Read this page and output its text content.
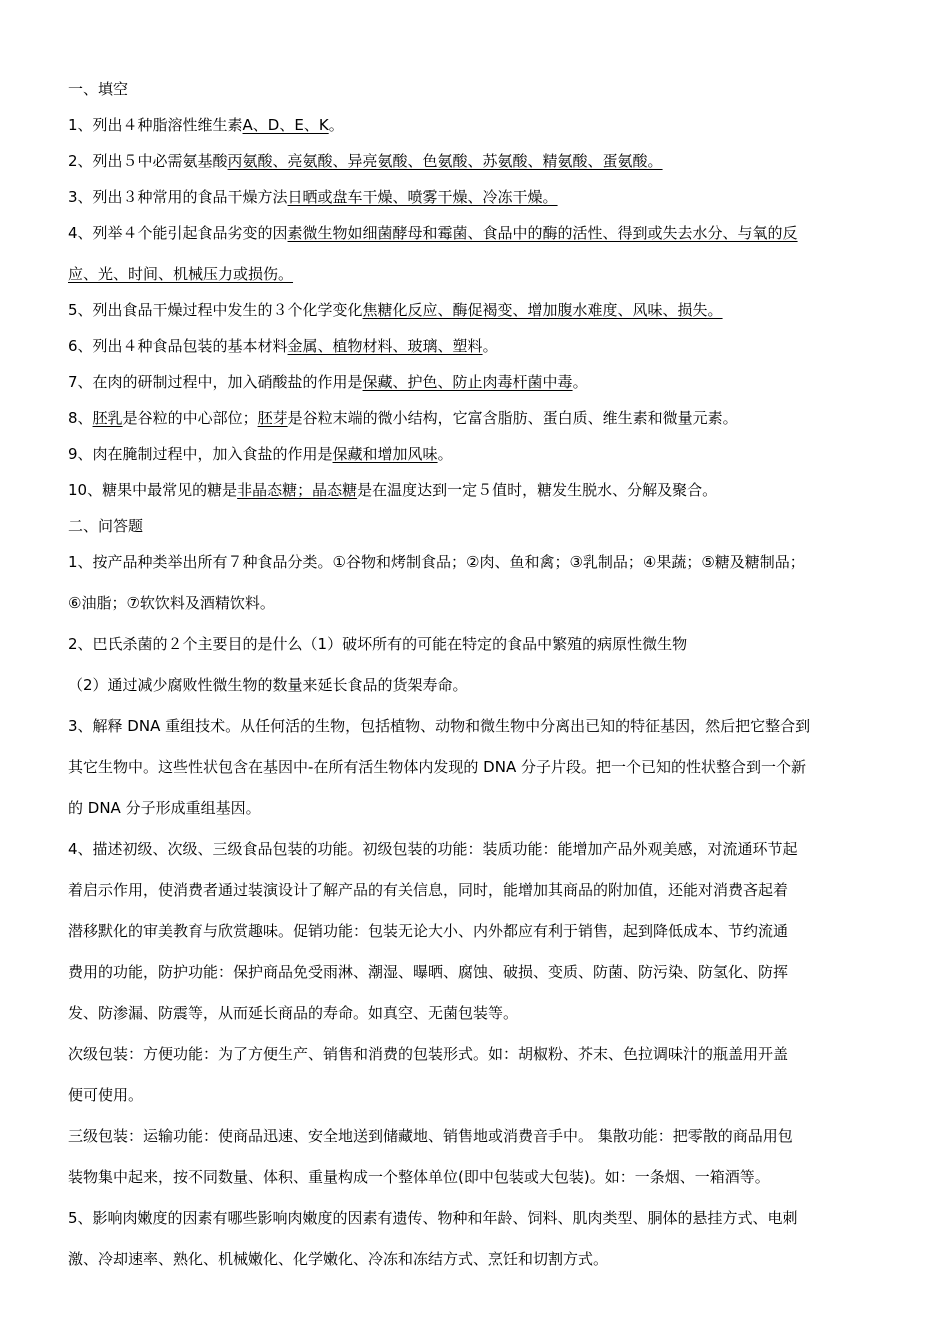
一、填空
1、列出４种脂溶性维生素A、D、E、K。
2、列出５中必需氨基酸丙氨酸、亮氨酸、异亮氨酸、色氨酸、苏氨酸、精氨酸、蛋氨酸。
3、列出３种常用的食品干燥方法日晒或盘车干燥、喷雾干燥、冷冻干燥。
4、列举４个能引起食品劣变的因素微生物如细菌酵母和霉菌、食品中的酶的活性、得到或失去水分、与氧的反
应、光、时间、机械压力或损伤。
5、列出食品干燥过程中发生的３个化学变化焦糖化反应、酶促褐变、增加腹水难度、风味、损失。
6、列出４种食品包装的基本材料金属、植物材料、玻璃、塑料。
7、在肉的研制过程中，加入硝酸盐的作用是保藏、护色、防止肉毒杆菌中毒。
8、胚乳是谷粒的中心部位；胚芽是谷粒末端的微小结构，它富含脂肪、蛋白质、维生素和微量元素。
9、肉在腌制过程中，加入食盐的作用是保藏和增加风味。
10、糖果中最常见的糖是非晶态糖；晶态糖是在温度达到一定５值时，糖发生脱水、分解及聚合。
二、问答题
1、按产品种类举出所有７种食品分类。①谷物和烤制食品；②肉、鱼和禽；③乳制品；④果蔬；⑤糖及糖制品；
⑥油脂；⑦软饮料及酒精饮料。
2、巴氏杀菌的２个主要目的是什么（1）破坏所有的可能在特定的食品中繁殖的病原性微生物
（2）通过减少腐败性微生物的数量来延长食品的货架寿命。
3、解释 DNA 重组技术。从任何活的生物，包括植物、动物和微生物中分离出已知的特征基因，然后把它整合到
其它生物中。这些性状包含在基因中-在所有活生物体内发现的 DNA 分子片段。把一个已知的性状整合到一个新
的 DNA 分子形成重组基因。
4、描述初级、次级、三级食品包装的功能。初级包装的功能：装质功能：能增加产品外观美感，对流通环节起
着启示作用，使消费者通过装演设计了解产品的有关信息，同时，能增加其商品的附加值，还能对消费吝起着
潜移默化的审美教育与欣赏趣味。促销功能：包装无论大小、内外都应有利于销售，起到降低成本、节约流通
费用的功能，防护功能：保护商品免受雨淋、潮湿、曝晒、腐蚀、破损、变质、防菌、防污染、防氢化、防挥
发、防渗漏、防震等，从而延长商品的寿命。如真空、无菌包装等。
次级包装：方便功能：为了方便生产、销售和消费的包装形式。如：胡椒粉、芥末、色拉调味汁的瓶盖用开盖
便可使用。
三级包装：运输功能：使商品迅速、安全地送到储藏地、销售地或消费音手中。 集散功能：把零散的商品用包
装物集中起来，按不同数量、体积、重量构成一个整体单位(即中包装或大包装)。如：一条烟、一箱酒等。
5、影响肉嫩度的因素有哪些影响肉嫩度的因素有遗传、物种和年龄、饲料、肌肉类型、胴体的悬挂方式、电刺
激、冷却速率、熟化、机械嫩化、化学嫩化、冷冻和冻结方式、烹饪和切割方式。
